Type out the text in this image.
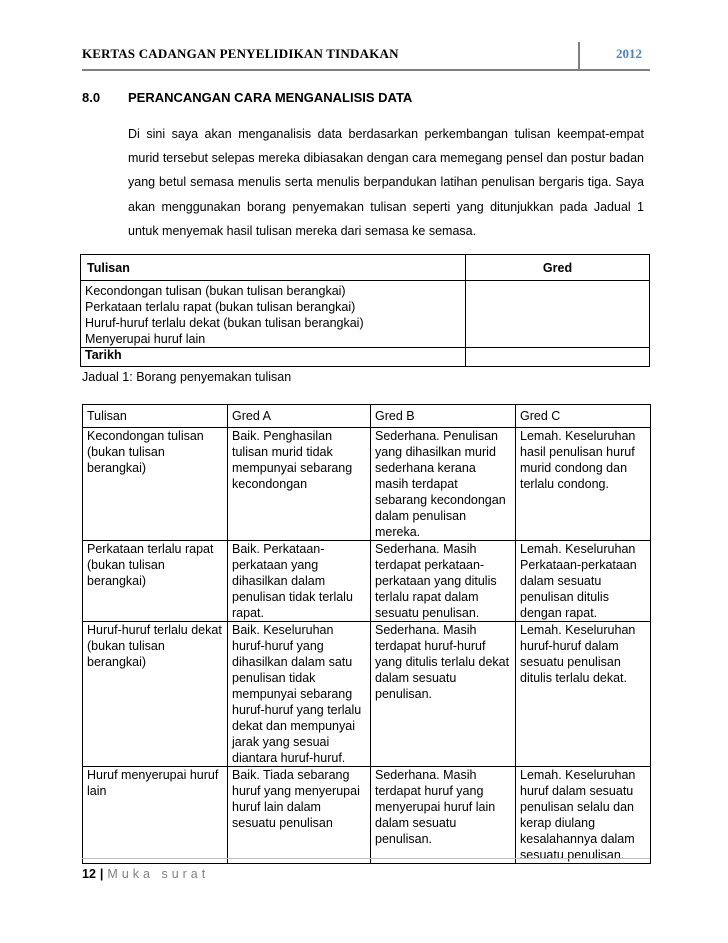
KERTAS CADANGAN PENYELIDIKAN TINDAKAN	2012
8.0 PERANCANGAN CARA MENGANALISIS DATA
Di sini saya akan menganalisis data berdasarkan perkembangan tulisan keempat-empat murid tersebut selepas mereka dibiasakan dengan cara memegang pensel dan postur badan yang betul semasa menulis serta menulis berpandukan latihan penulisan bergaris tiga. Saya akan menggunakan borang penyemakan tulisan seperti yang ditunjukkan pada Jadual 1 untuk menyemak hasil tulisan mereka dari semasa ke semasa.
Tulisan	Gred

Kecondongan tulisan (bukan tulisan berangkai)
Perkataan terlalu rapat (bukan tulisan berangkai)
Huruf-huruf terlalu dekat (bukan tulisan berangkai)
Menyerupai huruf lain	

Tarikh	
Jadual 1: Borang penyemakan tulisan
Tulisan	Gred A	Gred B	Gred C
Kecondongan tulisan (bukan tulisan berangkai)	Baik. Penghasilan tulisan murid tidak mempunyai sebarang kecondongan	Sederhana. Penulisan yang dihasilkan murid sederhana kerana masih terdapat sebarang kecondongan dalam penulisan mereka.	Lemah. Keseluruhan hasil penulisan huruf murid condong dan terlalu condong.
Perkataan terlalu rapat (bukan tulisan berangkai)	Baik. Perkataan-perkataan yang dihasilkan dalam penulisan tidak terlalu rapat.	Sederhana. Masih terdapat perkataan-perkataan yang ditulis terlalu rapat dalam sesuatu penulisan.	Lemah. Keseluruhan Perkataan-perkataan dalam sesuatu penulisan ditulis dengan rapat.
Huruf-huruf terlalu dekat (bukan tulisan berangkai)	Baik. Keseluruhan huruf-huruf yang dihasilkan dalam satu penulisan tidak mempunyai sebarang huruf-huruf yang terlalu dekat dan mempunyai jarak yang sesuai diantara huruf-huruf.	Sederhana. Masih terdapat huruf-huruf yang ditulis terlalu dekat dalam sesuatu penulisan.	Lemah. Keseluruhan huruf-huruf dalam sesuatu penulisan ditulis terlalu dekat.
Huruf menyerupai huruf lain	Baik. Tiada sebarang huruf yang menyerupai huruf lain dalam sesuatu penulisan	Sederhana. Masih terdapat huruf yang menyerupai huruf lain dalam sesuatu penulisan.	Lemah. Keseluruhan huruf dalam sesuatu penulisan selalu dan kerap diulang kesalahannya dalam sesuatu penulisan.
12 | Muka surat
